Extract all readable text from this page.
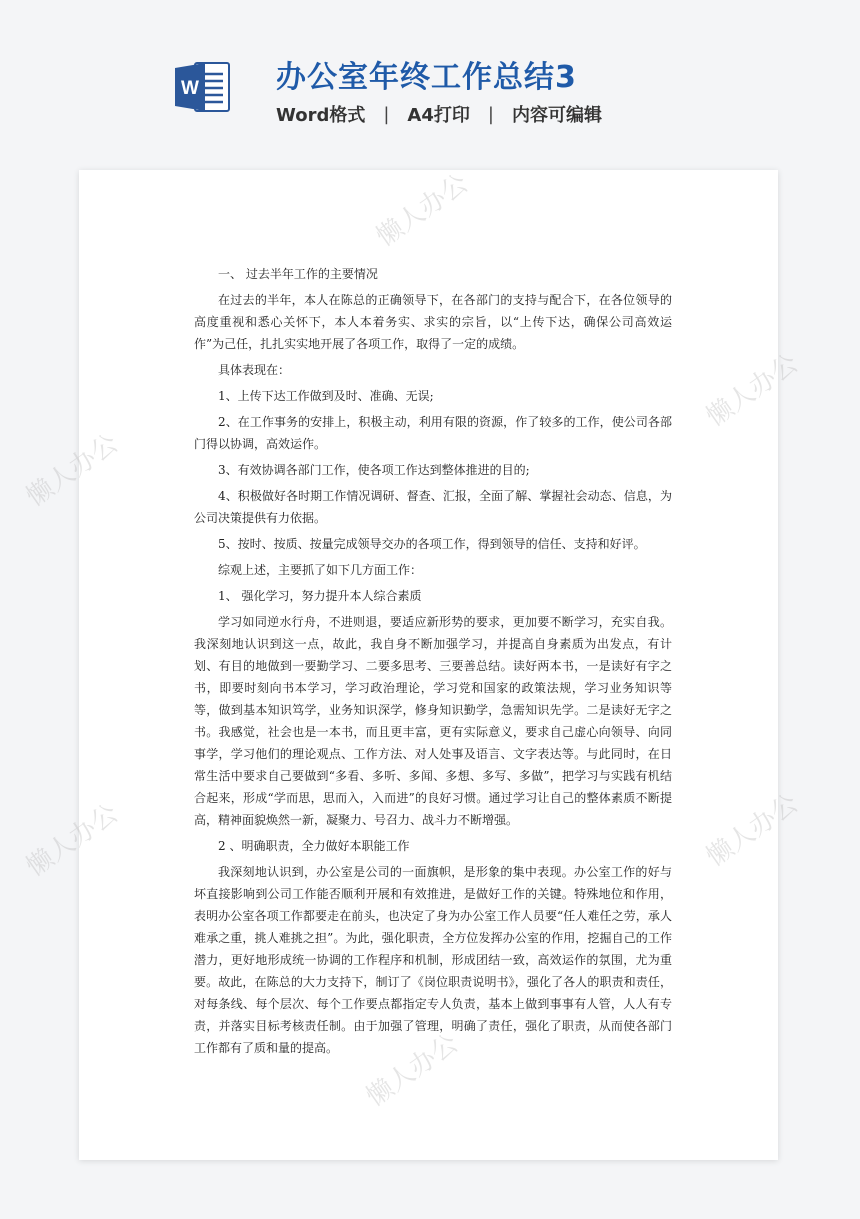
W	办公室年终工作总结3
Word格式 | A4打印 | 内容可编辑
懒人办公
懒人办公
懒人办公
懒人办公	懒人办公
懒人办公

一、 过去半年工作的主要情况

在过去的半年，本人在陈总的正确领导下，在各部门的支持与配合下，在各位领导的高度重视和悉心关怀下，本人本着务实、求实的宗旨，以“上传下达，确保公司高效运作”为己任，扎扎实实地开展了各项工作，取得了一定的成绩。

具体表现在：

1、上传下达工作做到及时、准确、无误;

2、在工作事务的安排上，积极主动，利用有限的资源，作了较多的工作，使公司各部门得以协调，高效运作。

3、有效协调各部门工作，使各项工作达到整体推进的目的;

4、积极做好各时期工作情况调研、督查、汇报，全面了解、掌握社会动态、信息，为公司决策提供有力依据。

5、按时、按质、按量完成领导交办的各项工作，得到领导的信任、支持和好评。

综观上述，主要抓了如下几方面工作：

1、 强化学习，努力提升本人综合素质

学习如同逆水行舟，不进则退，要适应新形势的要求，更加要不断学习，充实自我。我深刻地认识到这一点，故此，我自身不断加强学习，并提高自身素质为出发点，有计划、有目的地做到一要勤学习、二要多思考、三要善总结。读好两本书，一是读好有字之书，即要时刻向书本学习，学习政治理论，学习党和国家的政策法规，学习业务知识等等，做到基本知识笃学，业务知识深学，修身知识勤学，急需知识先学。二是读好无字之书。我感觉，社会也是一本书，而且更丰富，更有实际意义，要求自己虚心向领导、向同事学，学习他们的理论观点、工作方法、对人处事及语言、文字表达等。与此同时，在日常生活中要求自己要做到“多看、多听、多闻、多想、多写、多做”，把学习与实践有机结合起来，形成“学而思，思而入，入而进”的良好习惯。通过学习让自己的整体素质不断提高，精神面貌焕然一新，凝聚力、号召力、战斗力不断增强。

2 、明确职责，全力做好本职能工作

我深刻地认识到，办公室是公司的一面旗帜，是形象的集中表现。办公室工作的好与坏直接影响到公司工作能否顺利开展和有效推进，是做好工作的关键。特殊地位和作用，表明办公室各项工作都要走在前头，也决定了身为办公室工作人员要“任人难任之劳，承人难承之重，挑人难挑之担”。为此，强化职责，全方位发挥办公室的作用，挖掘自己的工作潜力，更好地形成统一协调的工作程序和机制，形成团结一致，高效运作的氛围，尤为重要。故此，在陈总的大力支持下，制订了《岗位职责说明书》，强化了各人的职责和责任，对每条线、每个层次、每个工作要点都指定专人负责，基本上做到事事有人管，人人有专责，并落实目标考核责任制。由于加强了管理，明确了责任，强化了职责，从而使各部门工作都有了质和量的提高。
